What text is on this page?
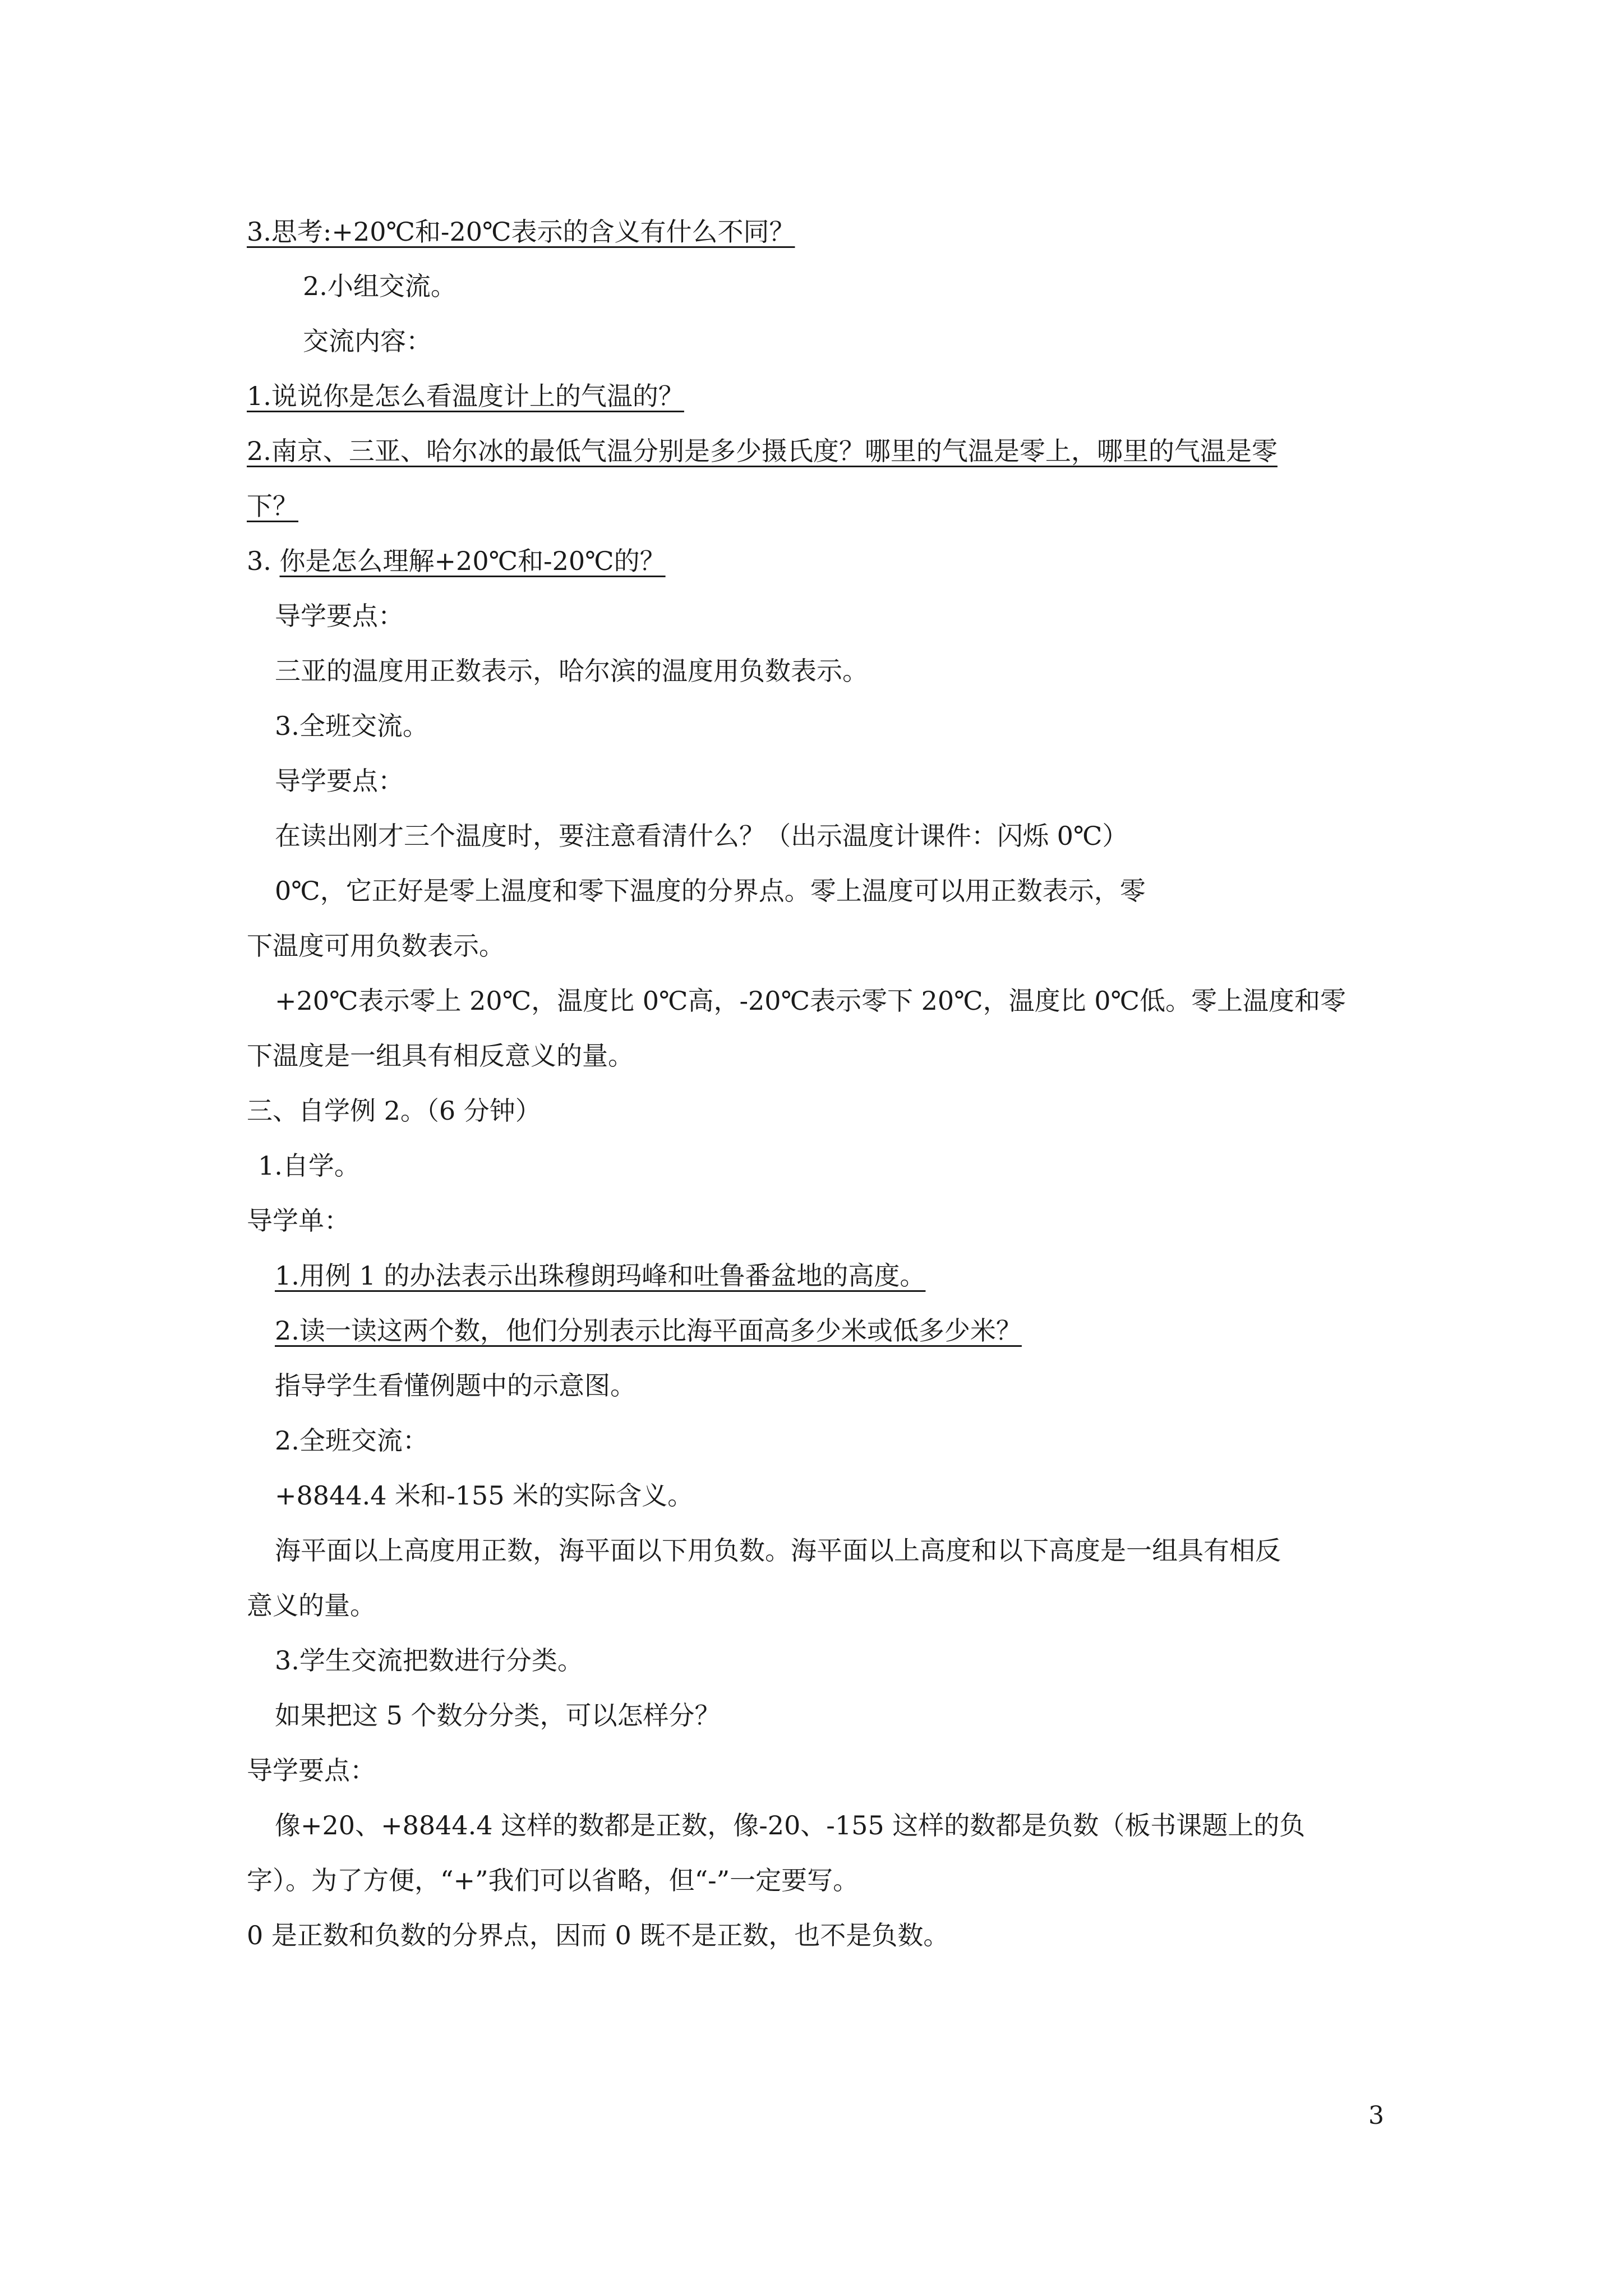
3.思考:+20℃和-20℃表示的含义有什么不同？
2.小组交流。
交流内容：
1.说说你是怎么看温度计上的气温的？
2.南京、三亚、哈尔冰的最低气温分别是多少摄氏度？哪里的气温是零上，哪里的气温是零
下？
3. 你是怎么理解+20℃和-20℃的？
导学要点：
三亚的温度用正数表示，哈尔滨的温度用负数表示。
3.全班交流。
导学要点：
在读出刚才三个温度时，要注意看清什么？（出示温度计课件：闪烁 0℃）
0℃，它正好是零上温度和零下温度的分界点。零上温度可以用正数表示，零
下温度可用负数表示。
+20℃表示零上 20℃，温度比 0℃高，-20℃表示零下 20℃，温度比 0℃低。零上温度和零
下温度是一组具有相反意义的量。
三、自学例 2。（6 分钟）
1.自学。
导学单：
1.用例 1 的办法表示出珠穆朗玛峰和吐鲁番盆地的高度。
2.读一读这两个数，他们分别表示比海平面高多少米或低多少米？
指导学生看懂例题中的示意图。
2.全班交流：
+8844.4 米和-155 米的实际含义。
海平面以上高度用正数，海平面以下用负数。海平面以上高度和以下高度是一组具有相反
意义的量。
3.学生交流把数进行分类。
如果把这 5 个数分分类，可以怎样分？
导学要点：
像+20、+8844.4 这样的数都是正数，像-20、-155 这样的数都是负数（板书课题上的负
字）。为了方便，“+”我们可以省略，但“-”一定要写。
0 是正数和负数的分界点，因而 0 既不是正数，也不是负数。
3
